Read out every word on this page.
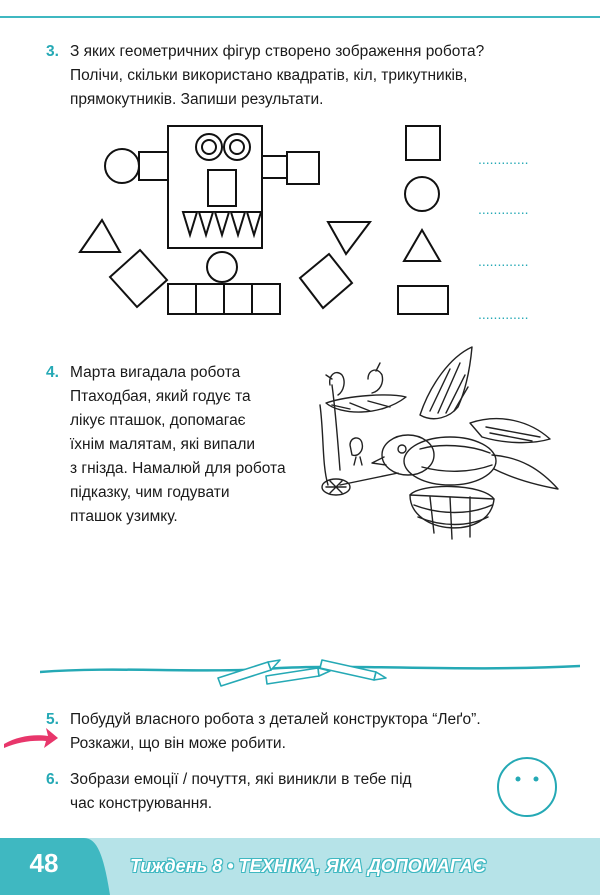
3. З яких геометричних фігур створено зображення робота?
Полічи, скільки використано квадратів, кіл, трикутників,
прямокутників. Запиши результати.
.............
.............
.............
.............
4. Марта вигадала робота
Птаходбая, який годує та
лікує пташок, допомагає
їхнім малятам, які випали
з гнізда. Намалюй для робота
підказку, чим годувати
пташок узимку.
5. Побудуй власного робота з деталей конструктора “Леґо”.
Розкажи, що він може робити.
6. Зобрази емоції / почуття, які виникли в тебе під
час конструювання.
48	Тиждень 8 • ТЕХНІКА, ЯКА ДОПОМАГАЄ
